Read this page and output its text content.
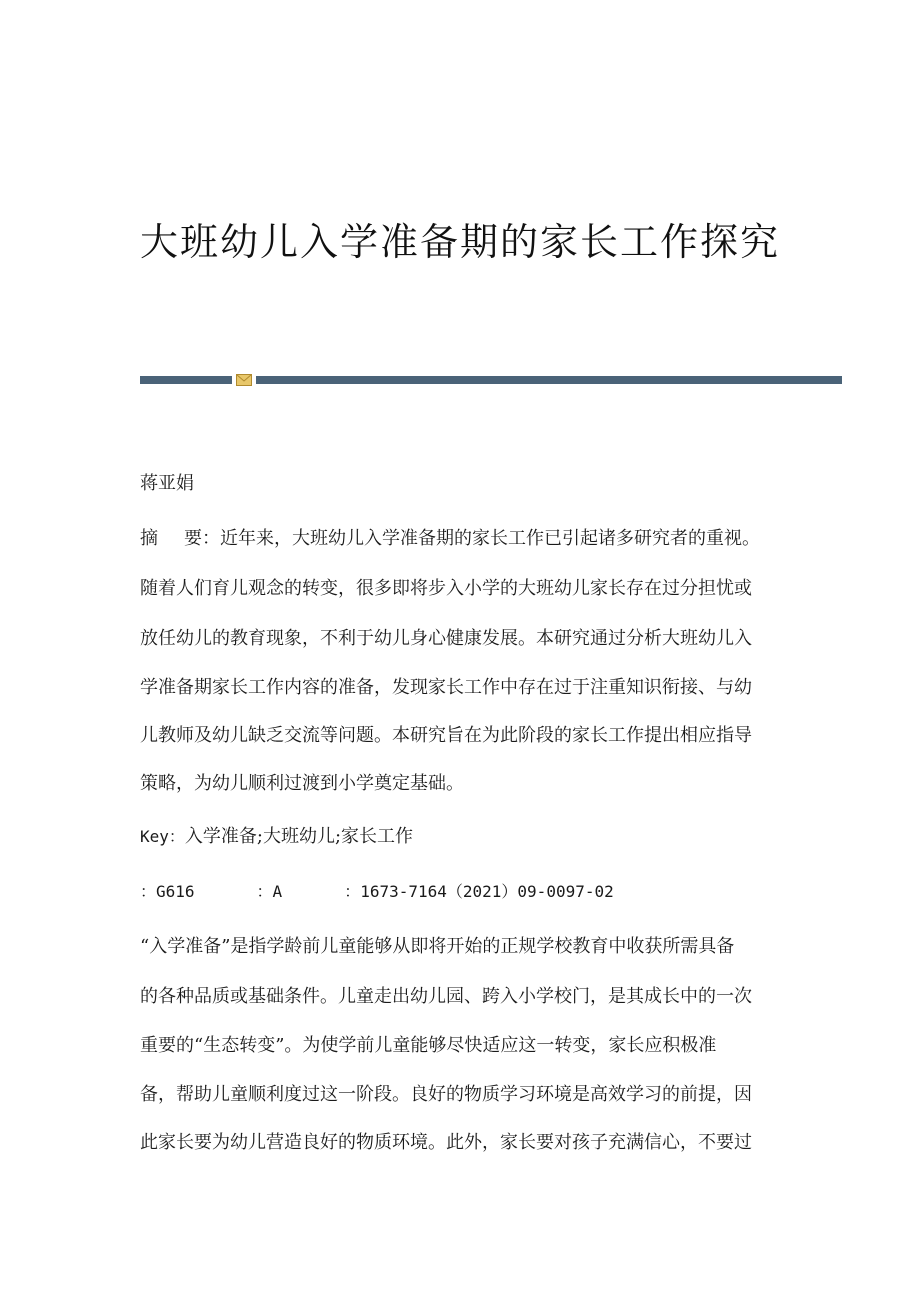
大班幼儿入学准备期的家长工作探究
蒋亚娟
摘 要：近年来，大班幼儿入学准备期的家长工作已引起诸多研究者的重视。
随着人们育儿观念的转变，很多即将步入小学的大班幼儿家长存在过分担忧或
放任幼儿的教育现象，不利于幼儿身心健康发展。本研究通过分析大班幼儿入
学准备期家长工作内容的准备，发现家长工作中存在过于注重知识衔接、与幼
儿教师及幼儿缺乏交流等问题。本研究旨在为此阶段的家长工作提出相应指导
策略，为幼儿顺利过渡到小学奠定基础。
Key：入学准备;大班幼儿;家长工作
：G616	：A	：1673-7164（2021）09-0097-02
“入学准备”是指学龄前儿童能够从即将开始的正规学校教育中收获所需具备
的各种品质或基础条件。儿童走出幼儿园、跨入小学校门，是其成长中的一次
重要的“生态转变”。为使学前儿童能够尽快适应这一转变，家长应积极准
备，帮助儿童顺利度过这一阶段。良好的物质学习环境是高效学习的前提，因
此家长要为幼儿营造良好的物质环境。此外，家长要对孩子充满信心，不要过
